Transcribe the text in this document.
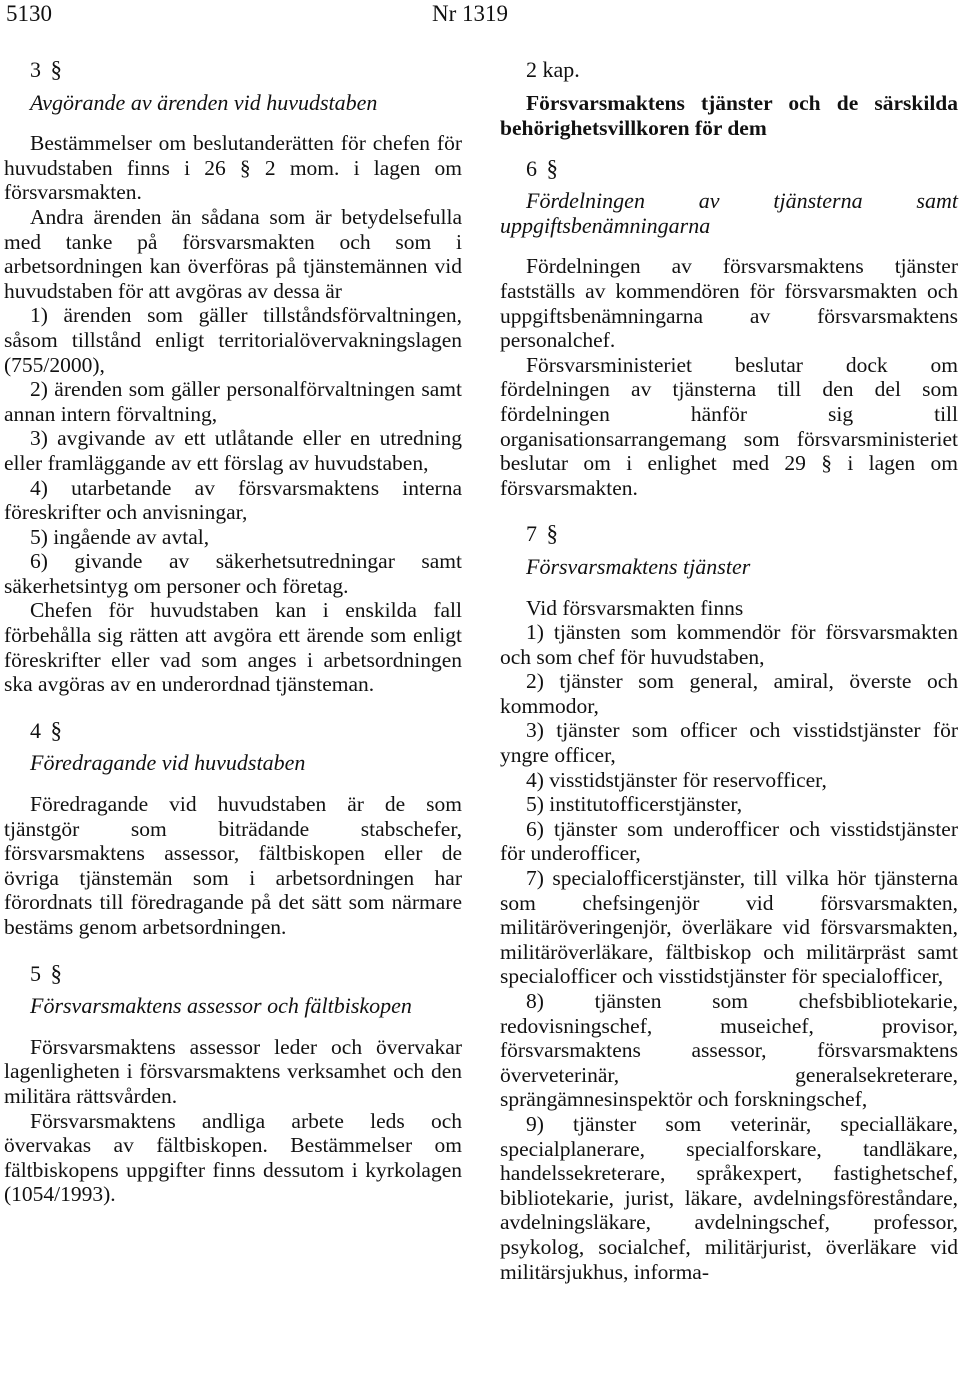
5130	Nr 1319

3 §

Avgörande av ärenden vid huvudstaben

Bestämmelser om beslutanderätten för chefen för huvudstaben finns i 26 § 2 mom. i lagen om försvarsmakten.

Andra ärenden än sådana som är betydelsefulla med tanke på försvarsmakten och som i arbetsordningen kan överföras på tjänstemännen vid huvudstaben för att avgöras av dessa är

1) ärenden som gäller tillståndsförvaltningen, såsom tillstånd enligt territorialövervakningslagen (755/2000),

2) ärenden som gäller personalförvaltningen samt annan intern förvaltning,

3) avgivande av ett utlåtande eller en utredning eller framläggande av ett förslag av huvudstaben,

4) utarbetande av försvarsmaktens interna föreskrifter och anvisningar,

5) ingående av avtal,

6) givande av säkerhetsutredningar samt säkerhetsintyg om personer och företag.

Chefen för huvudstaben kan i enskilda fall förbehålla sig rätten att avgöra ett ärende som enligt föreskrifter eller vad som anges i arbetsordningen ska avgöras av en underordnad tjänsteman.

4 §

Föredragande vid huvudstaben

Föredragande vid huvudstaben är de som tjänstgör som biträdande stabschefer, försvarsmaktens assessor, fältbiskopen eller de övriga tjänstemän som i arbetsordningen har förordnats till föredragande på det sätt som närmare bestäms genom arbetsordningen.

5 §

Försvarsmaktens assessor och fältbiskopen

Försvarsmaktens assessor leder och övervakar lagenligheten i försvarsmaktens verksamhet och den militära rättsvården.

Försvarsmaktens andliga arbete leds och övervakas av fältbiskopen. Bestämmelser om fältbiskopens uppgifter finns dessutom i kyrkolagen (1054/1993).

2 kap.

Försvarsmaktens tjänster och de särskilda behörighetsvillkoren för dem

6 §

Fördelningen av tjänsterna samt uppgiftsbenämningarna

Fördelningen av försvarsmaktens tjänster fastställs av kommendören för försvarsmakten och uppgiftsbenämningarna av försvarsmaktens personalchef.

Försvarsministeriet beslutar dock om fördelningen av tjänsterna till den del som fördelningen hänför sig till organisationsarrangemang som försvarsministeriet beslutar om i enlighet med 29 § i lagen om försvarsmakten.

7 §

Försvarsmaktens tjänster

Vid försvarsmakten finns

1) tjänsten som kommendör för försvarsmakten och som chef för huvudstaben,

2) tjänster som general, amiral, överste och kommodor,

3) tjänster som officer och visstidstjänster för yngre officer,

4) visstidstjänster för reservofficer,

5) institutofficerstjänster,

6) tjänster som underofficer och visstidstjänster för underofficer,

7) specialofficerstjänster, till vilka hör tjänsterna som chefsingenjör vid försvarsmakten, militäröveringenjör, överläkare vid försvarsmakten, militäröverläkare, fältbiskop och militärpräst samt specialofficer och visstidstjänster för specialofficer,

8) tjänsten som chefsbibliotekarie, redovisningschef, museichef, provisor, försvarsmaktens assessor, försvarsmaktens överveterinär, generalsekreterare, sprängämnesinspektör och forskningschef,

9) tjänster som veterinär, specialläkare, specialplanerare, specialforskare, tandläkare, handelssekreterare, språkexpert, fastighetschef, bibliotekarie, jurist, läkare, avdelningsföreståndare, avdelningsläkare, avdelningschef, professor, psykolog, socialchef, militärjurist, överläkare vid militärsjukhus, informa-
